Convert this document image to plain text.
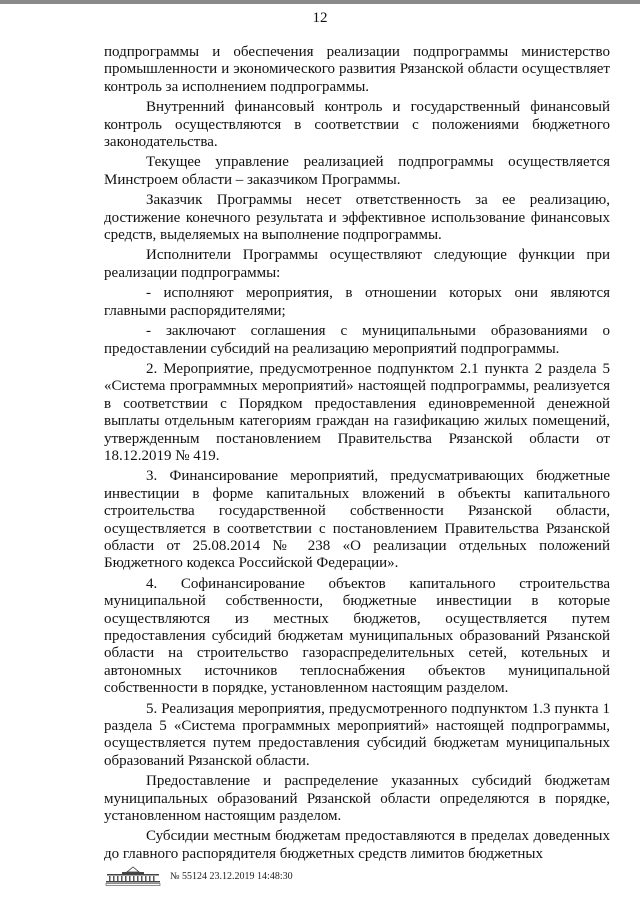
12

подпрограммы и обеспечения реализации подпрограммы министерство промышленности и экономического развития Рязанской области осуществляет контроль за исполнением подпрограммы.

Внутренний финансовый контроль и государственный финансовый контроль осуществляются в соответствии с положениями бюджетного законодательства.

Текущее управление реализацией подпрограммы осуществляется Минстроем области – заказчиком Программы.

Заказчик Программы несет ответственность за ее реализацию, достижение конечного результата и эффективное использование финансовых средств, выделяемых на выполнение подпрограммы.

Исполнители Программы осуществляют следующие функции при реализации подпрограммы:

- исполняют мероприятия, в отношении которых они являются главными распорядителями;

- заключают соглашения с муниципальными образованиями о предоставлении субсидий на реализацию мероприятий подпрограммы.

2. Мероприятие, предусмотренное подпунктом 2.1 пункта 2 раздела 5 «Система программных мероприятий» настоящей подпрограммы, реализуется в соответствии с Порядком предоставления единовременной денежной выплаты отдельным категориям граждан на газификацию жилых помещений, утвержденным постановлением Правительства Рязанской области от 18.12.2019 № 419.

3. Финансирование мероприятий, предусматривающих бюджетные инвестиции в форме капитальных вложений в объекты капитального строительства государственной собственности Рязанской области, осуществляется в соответствии с постановлением Правительства Рязанской области от 25.08.2014 № 238 «О реализации отдельных положений Бюджетного кодекса Российской Федерации».

4. Софинансирование объектов капитального строительства муниципальной собственности, бюджетные инвестиции в которые осуществляются из местных бюджетов, осуществляется путем предоставления субсидий бюджетам муниципальных образований Рязанской области на строительство газораспределительных сетей, котельных и автономных источников теплоснабжения объектов муниципальной собственности в порядке, установленном настоящим разделом.

5. Реализация мероприятия, предусмотренного подпунктом 1.3 пункта 1 раздела 5 «Система программных мероприятий» настоящей подпрограммы, осуществляется путем предоставления субсидий бюджетам муниципальных образований Рязанской области.

Предоставление и распределение указанных субсидий бюджетам муниципальных образований Рязанской области определяются в порядке, установленном настоящим разделом.

Субсидии местным бюджетам предоставляются в пределах доведенных до главного распорядителя бюджетных средств лимитов бюджетных

№ 55124 23.12.2019 14:48:30
